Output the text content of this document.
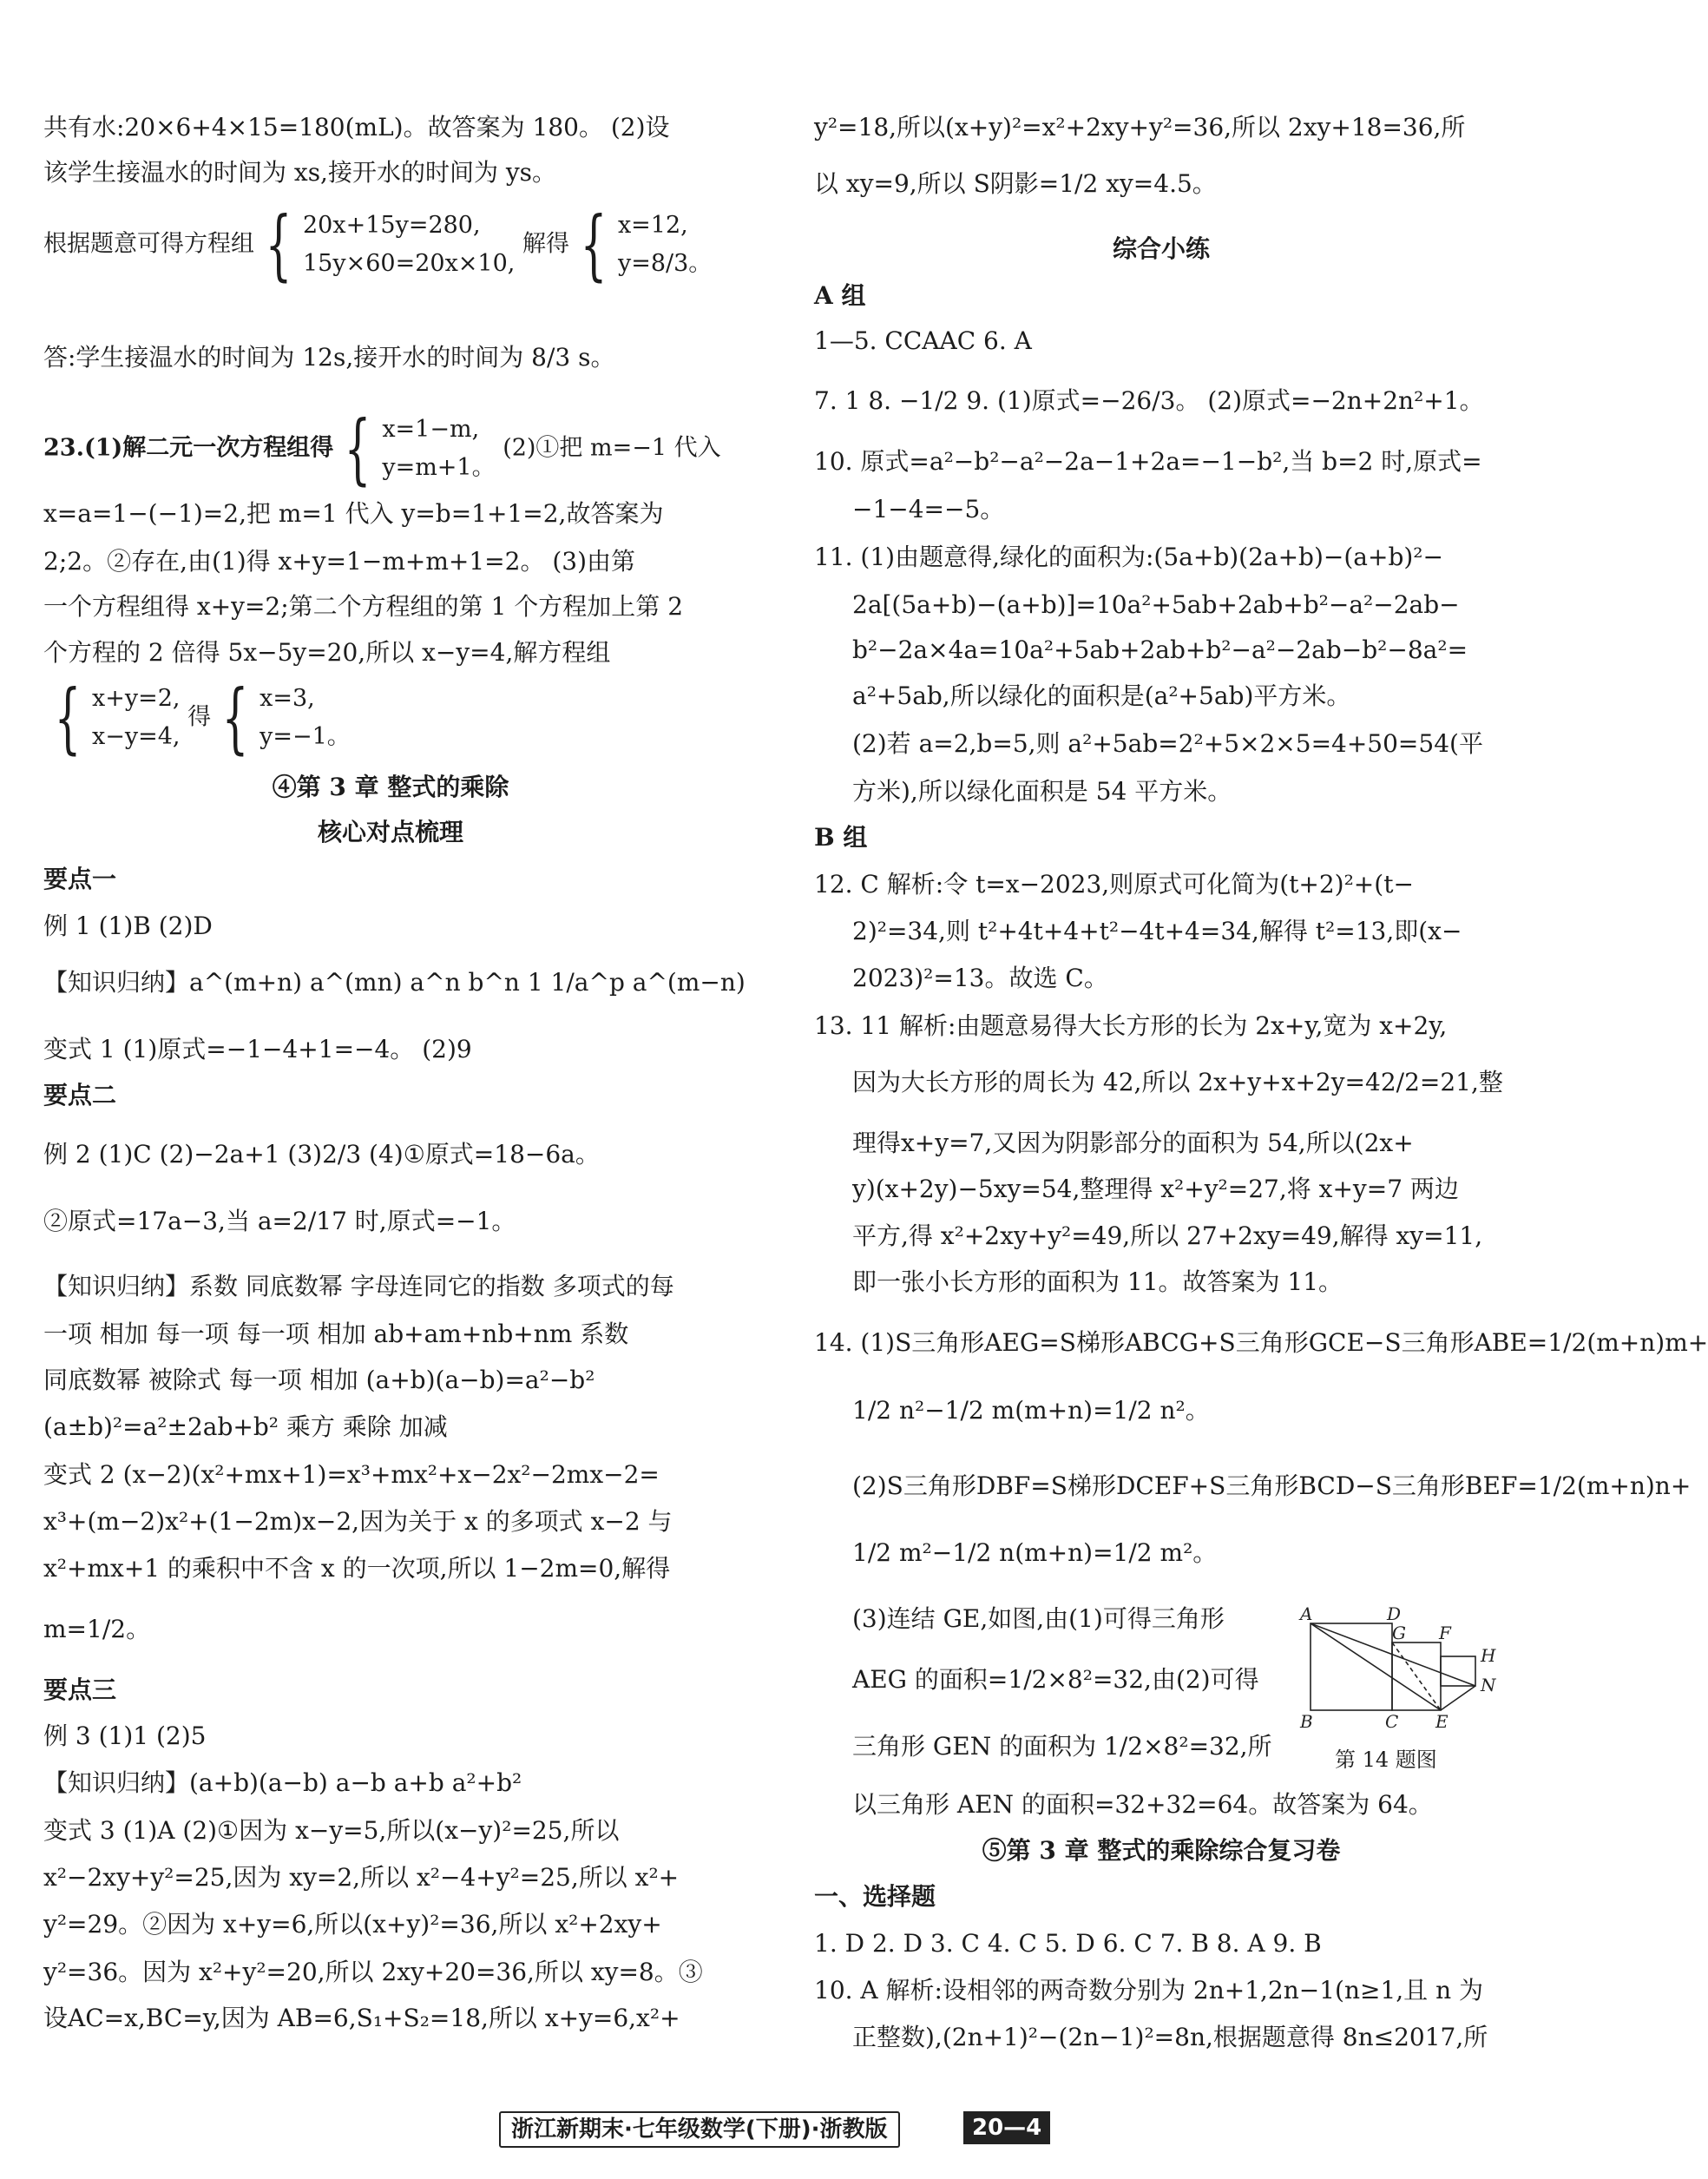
共有水:20×6+4×15=180(mL)。故答案为 180。 (2)设
该学生接温水的时间为 xs,接开水的时间为 ys。
根据题意可得方程组 { 20x+15y=280,
15y×60=20x×10, 解得 { x=12,
y=8/3。
答:学生接温水的时间为 12s,接开水的时间为 8/3 s。
23.(1)解二元一次方程组得 { x=1−m,
y=m+1。 (2)①把 m=−1 代入
x=a=1−(−1)=2,把 m=1 代入 y=b=1+1=2,故答案为
2;2。②存在,由(1)得 x+y=1−m+m+1=2。 (3)由第
一个方程组得 x+y=2;第二个方程组的第 1 个方程加上第 2
个方程的 2 倍得 5x−5y=20,所以 x−y=4,解方程组
{ x+y=2,
x−y=4, 得 { x=3,
y=−1。
④第 3 章 整式的乘除
核心对点梳理
要点一
例 1 (1)B (2)D
【知识归纳】a^(m+n) a^(mn) a^n b^n 1 1/a^p a^(m−n)
变式 1 (1)原式=−1−4+1=−4。 (2)9
要点二
例 2 (1)C (2)−2a+1 (3)2/3 (4)①原式=18−6a。
②原式=17a−3,当 a=2/17 时,原式=−1。
【知识归纳】系数 同底数幂 字母连同它的指数 多项式的每
一项 相加 每一项 每一项 相加 ab+am+nb+nm 系数
同底数幂 被除式 每一项 相加 (a+b)(a−b)=a²−b²
(a±b)²=a²±2ab+b² 乘方 乘除 加减
变式 2 (x−2)(x²+mx+1)=x³+mx²+x−2x²−2mx−2=
x³+(m−2)x²+(1−2m)x−2,因为关于 x 的多项式 x−2 与
x²+mx+1 的乘积中不含 x 的一次项,所以 1−2m=0,解得
m=1/2。
要点三
例 3 (1)1 (2)5
【知识归纳】(a+b)(a−b) a−b a+b a²+b²
变式 3 (1)A (2)①因为 x−y=5,所以(x−y)²=25,所以
x²−2xy+y²=25,因为 xy=2,所以 x²−4+y²=25,所以 x²+
y²=29。②因为 x+y=6,所以(x+y)²=36,所以 x²+2xy+
y²=36。因为 x²+y²=20,所以 2xy+20=36,所以 xy=8。③
设AC=x,BC=y,因为 AB=6,S₁+S₂=18,所以 x+y=6,x²+
y²=18,所以(x+y)²=x²+2xy+y²=36,所以 2xy+18=36,所
以 xy=9,所以 S阴影=1/2 xy=4.5。
综合小练
A 组
1—5. CCAAC 6. A
7. 1 8. −1/2 9. (1)原式=−26/3。 (2)原式=−2n+2n²+1。
10. 原式=a²−b²−a²−2a−1+2a=−1−b²,当 b=2 时,原式=
−1−4=−5。
11. (1)由题意得,绿化的面积为:(5a+b)(2a+b)−(a+b)²−
2a[(5a+b)−(a+b)]=10a²+5ab+2ab+b²−a²−2ab−
b²−2a×4a=10a²+5ab+2ab+b²−a²−2ab−b²−8a²=
a²+5ab,所以绿化的面积是(a²+5ab)平方米。
(2)若 a=2,b=5,则 a²+5ab=2²+5×2×5=4+50=54(平
方米),所以绿化面积是 54 平方米。
B 组
12. C 解析:令 t=x−2023,则原式可化简为(t+2)²+(t−
2)²=34,则 t²+4t+4+t²−4t+4=34,解得 t²=13,即(x−
2023)²=13。故选 C。
13. 11 解析:由题意易得大长方形的长为 2x+y,宽为 x+2y,
因为大长方形的周长为 42,所以 2x+y+x+2y=42/2=21,整
理得x+y=7,又因为阴影部分的面积为 54,所以(2x+
y)(x+2y)−5xy=54,整理得 x²+y²=27,将 x+y=7 两边
平方,得 x²+2xy+y²=49,所以 27+2xy=49,解得 xy=11,
即一张小长方形的面积为 11。故答案为 11。
14. (1)S三角形AEG=S梯形ABCG+S三角形GCE−S三角形ABE=1/2(m+n)m+
1/2 n²−1/2 m(m+n)=1/2 n²。
(2)S三角形DBF=S梯形DCEF+S三角形BCD−S三角形BEF=1/2(m+n)n+
1/2 m²−1/2 n(m+n)=1/2 m²。
(3)连结 GE,如图,由(1)可得三角形
AEG 的面积=1/2×8²=32,由(2)可得
三角形 GEN 的面积为 1/2×8²=32,所
以三角形 AEN 的面积=32+32=64。故答案为 64。
⑤第 3 章 整式的乘除综合复习卷
一、选择题
1. D 2. D 3. C 4. C 5. D 6. C 7. B 8. A 9. B
10. A 解析:设相邻的两奇数分别为 2n+1,2n−1(n≥1,且 n 为
正整数),(2n+1)²−(2n−1)²=8n,根据题意得 8n≤2017,所
A	D
G F
H
N
B	C E
第 14 题图
浙江新期末·七年级数学(下册)·浙教版	20—4
